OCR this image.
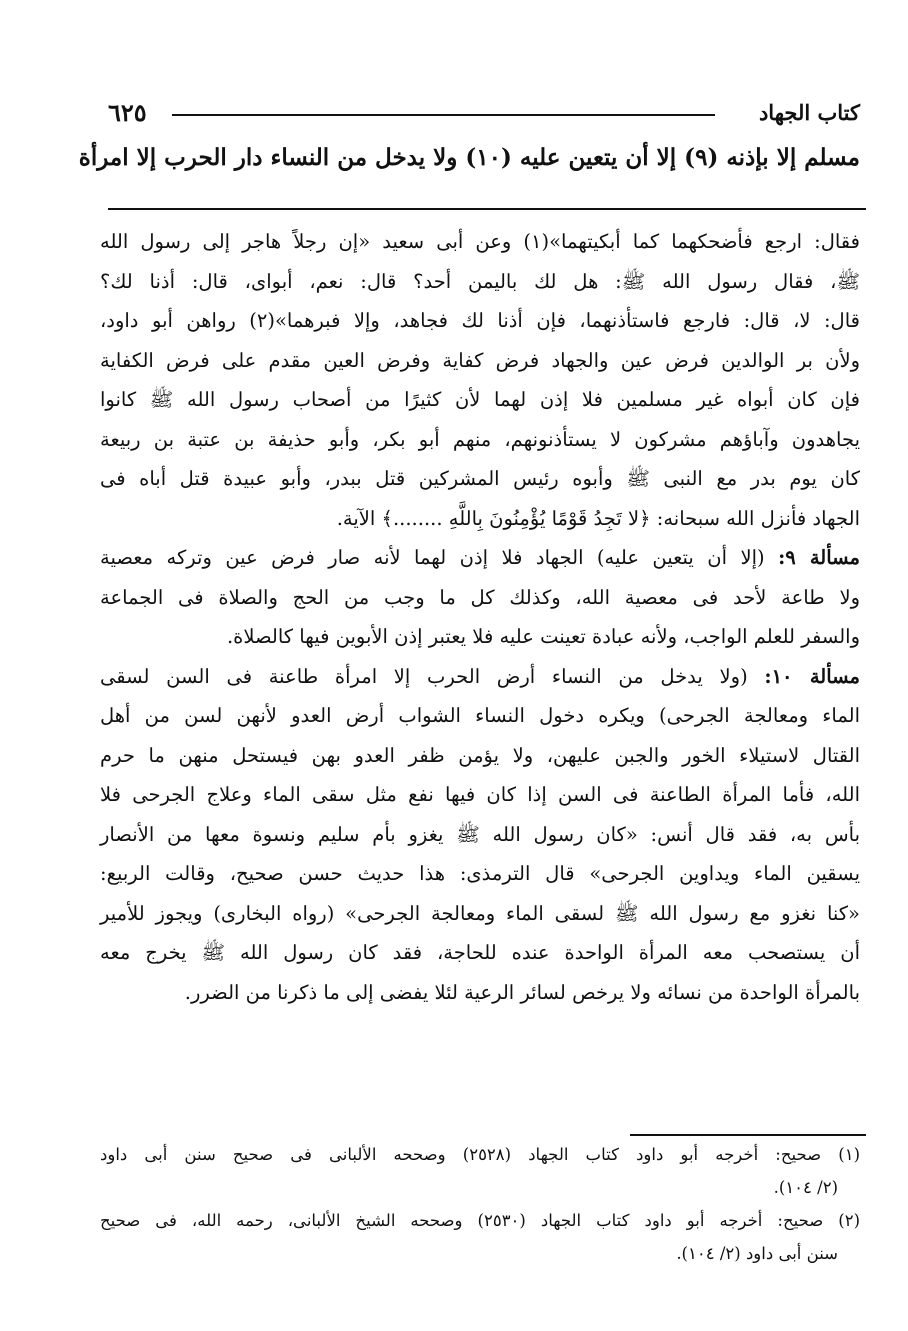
كتاب الجهاد
٦٢٥
مسلم إلا بإذنه (٩) إلا أن يتعين عليه (١٠) ولا يدخل من النساء دار الحرب إلا امرأة
فقال: ارجع فأضحكهما كما أبكيتهما»(١) وعن أبى سعيد «إن رجلاً هاجر إلى رسول الله
ﷺ، فقال رسول الله ﷺ: هل لك باليمن أحد؟ قال: نعم، أبواى، قال: أذنا لك؟
قال: لا، قال: فارجع فاستأذنهما، فإن أذنا لك فجاهد، وإلا فبرهما»(٢) رواهن أبو داود،
ولأن بر الوالدين فرض عين والجهاد فرض كفاية وفرض العين مقدم على فرض الكفاية
فإن كان أبواه غير مسلمين فلا إذن لهما لأن كثيرًا من أصحاب رسول الله ﷺ كانوا
يجاهدون وآباؤهم مشركون لا يستأذنونهم، منهم أبو بكر، وأبو حذيفة بن عتبة بن ربيعة
كان يوم بدر مع النبى ﷺ وأبوه رئيس المشركين قتل ببدر، وأبو عبيدة قتل أباه فى
الجهاد فأنزل الله سبحانه: ﴿لا تَجِدُ قَوْمًا يُؤْمِنُونَ بِاللَّهِ ........﴾ الآية.
مسألة ٩: (إلا أن يتعين عليه) الجهاد فلا إذن لهما لأنه صار فرض عين وتركه معصية
ولا طاعة لأحد فى معصية الله، وكذلك كل ما وجب من الحج والصلاة فى الجماعة
والسفر للعلم الواجب، ولأنه عبادة تعينت عليه فلا يعتبر إذن الأبوين فيها كالصلاة.
مسألة ١٠: (ولا يدخل من النساء أرض الحرب إلا امرأة طاعنة فى السن لسقى
الماء ومعالجة الجرحى) ويكره دخول النساء الشواب أرض العدو لأنهن لسن من أهل
القتال لاستيلاء الخور والجبن عليهن، ولا يؤمن ظفر العدو بهن فيستحل منهن ما حرم
الله، فأما المرأة الطاعنة فى السن إذا كان فيها نفع مثل سقى الماء وعلاج الجرحى فلا
بأس به، فقد قال أنس: «كان رسول الله ﷺ يغزو بأم سليم ونسوة معها من الأنصار
يسقين الماء ويداوين الجرحى» قال الترمذى: هذا حديث حسن صحيح، وقالت الربيع:
«كنا نغزو مع رسول الله ﷺ لسقى الماء ومعالجة الجرحى» (رواه البخارى) ويجوز للأمير
أن يستصحب معه المرأة الواحدة عنده للحاجة، فقد كان رسول الله ﷺ يخرج معه
بالمرأة الواحدة من نسائه ولا يرخص لسائر الرعية لئلا يفضى إلى ما ذكرنا من الضرر.
(١) صحيح: أخرجه أبو داود كتاب الجهاد (٢٥٢٨) وصححه الألبانى فى صحيح سنن أبى داود
(٢/ ١٠٤).
(٢) صحيح: أخرجه أبو داود كتاب الجهاد (٢٥٣٠) وصححه الشيخ الألبانى، رحمه الله، فى صحيح
سنن أبى داود (٢/ ١٠٤).
